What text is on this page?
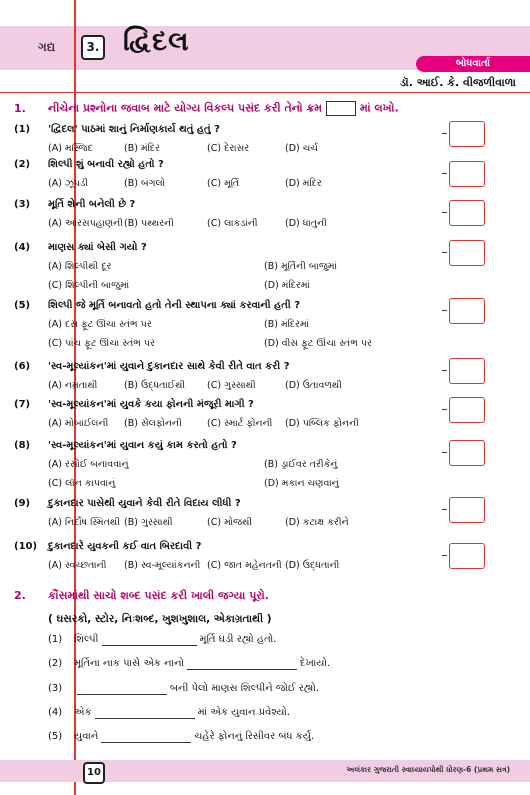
ગદ્ય	3. દ્વિદલ
બોધવાર્તા
ડૉ. આઈ. કે. વીજળીવાળા
1. નીચેના પ્રશ્નોના જવાબ માટે યોગ્ય વિકલ્પ પસંદ કરી તેનો ક્રમ	માં લખો.
(1) 'દ્વિદલ' પાઠમાં શાનું નિર્માણકાર્ય થતું હતું ?
(A) મસ્જિદ	(B) મંદિર	(C) દેરાસર	(D) ચર્ચ
(2) શિલ્પી શું બનાવી રહ્યો હતો ?
(A) ઝૂંપડી	(B) બંગલો	(C) મૂર્તિ	(D) મંદિર
(3) મૂર્તિ શેની બનેલી છે ?
(A) આરસપહાણની (B) પથ્થરની	(C) લાકડાંની	(D) ધાતુની
(4) માણસ ક્યાં બેસી ગયો ?
(A) શિલ્પીથી દૂર	(B) મૂર્તિની બાજુમાં
(C) શિલ્પીની બાજુમાં	(D) મંદિરમાં
(5) શિલ્પી જે મૂર્તિ બનાવતો હતો તેની સ્થાપના ક્યાં કરવાની હતી ?
(A) દસ ફૂટ ઊંચા સ્તંભ પર	(B) મંદિરમાં
(C) પાંચ ફૂટ ઊંચા સ્તંભ પર	(D) વીસ ફૂટ ઊંચા સ્તંભ પર
(6) 'સ્વ-મૂલ્યાંકન'માં યુવાને દુકાનદાર સાથે કેવી રીતે વાત કરી ?
(A) નમ્રતાથી	(B) ઉદ્ધતાઈથી (C) ગુસ્સાથી	(D) ઉતાવળથી
(7) 'સ્વ-મૂલ્યાંકન'માં યુવકે કયા ફોનની મંજૂરી માગી ?
(A) મોબાઈલની (B) સેલફોનની	(C) સ્માર્ટ ફોનની (D) પબ્લિક ફોનની
(8) 'સ્વ-મૂલ્યાંકન'માં યુવાન કયું કામ કરતો હતો ?
(A) રસોઈ બનાવવાનું	(B) ડ્રાઈવર તરીકેનું
(C) લૉન કાપવાનું	(D) મકાન ચણવાનું
(9) દુકાનદાર પાસેથી યુવાને કેવી રીતે વિદાય લીધી ?
(A) નિર્દોષ સ્મિતથી (B) ગુસ્સાથી	(C) મોજથી	(D) કટાક્ષ કરીને
(10) દુકાનદારે યુવકની કઈ વાત બિરદાવી ?
(A) સ્વચ્છતાની (B) સ્વ-મૂલ્યાંકનની (C) જાત મહેનતની (D) ઉદ્ધતાની
2. કૌંસમાંથી સાચો શબ્દ પસંદ કરી ખાલી જગ્યા પૂરો.
( ઘસરકો, સ્ટોર, નિઃશબ્દ, ખુશખુશાલ, એકાગ્રતાથી )
(1) શિલ્પી	મૂર્તિ ઘડી રહ્યો હતો.
(2) મૂર્તિના નાક પાસે એક નાનો	દેખાયો.
(3)	બની પેલો માણસ શિલ્પીને જોઈ રહ્યો.
(4) એક	માં એક યુવાન પ્રવેશ્યો.
(5) યુવાને	ચહેરે ફોનનું રિસીવર બંધ કર્યું.
10	અલંકાર ગુજરાતી સ્વાધ્યાયપોથી ધોરણ-6 (પ્રથમ સત્ર)
